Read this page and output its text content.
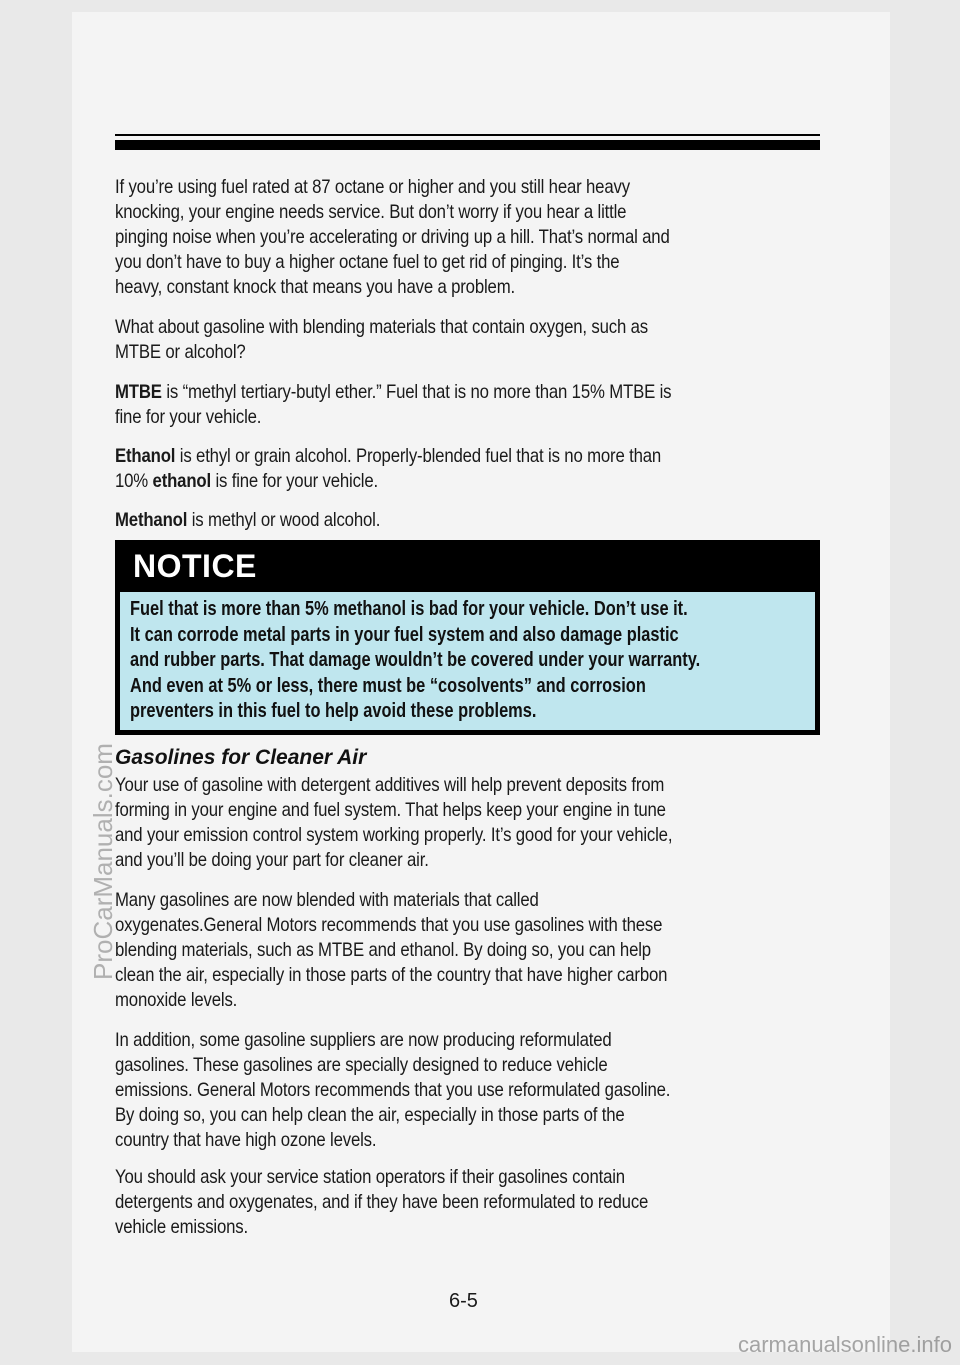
If you’re using fuel rated at 87 octane or higher and you still hear heavy

knocking, your engine needs service. But don’t worry if you hear a little

pinging noise when you’re accelerating or driving up a hill. That’s normal and

you don’t have to buy a higher octane fuel to get rid of pinging. It’s the

heavy, constant knock that means you have a problem.

What about gasoline with blending materials that contain oxygen, such as

MTBE or alcohol?

MTBE is “methyl tertiary-butyl ether.” Fuel that is no more than 15% MTBE is

fine for your vehicle.

Ethanol is ethyl or grain alcohol. Properly-blended fuel that is no more than

10% ethanol is fine for your vehicle.

Methanol is methyl or wood alcohol.

NOTICE

Fuel that is more than 5% methanol is bad for your vehicle. Don’t use it.

It can corrode metal parts in your fuel system and also damage plastic

and rubber parts. That damage wouldn’t be covered under your warranty.

And even at 5% or less, there must be “cosolvents” and corrosion

preventers in this fuel to help avoid these problems.

Gasolines for Cleaner Air

Your use of gasoline with detergent additives will help prevent deposits from

forming in your engine and fuel system. That helps keep your engine in tune

and your emission control system working properly. It’s good for your vehicle,

and you’ll be doing your part for cleaner air.

Many gasolines are now blended with materials that called

oxygenates.General Motors recommends that you use gasolines with these

blending materials, such as MTBE and ethanol. By doing so, you can help

clean the air, especially in those parts of the country that have higher carbon

monoxide levels.

In addition, some gasoline suppliers are now producing reformulated

gasolines. These gasolines are specially designed to reduce vehicle

emissions. General Motors recommends that you use reformulated gasoline.

By doing so, you can help clean the air, especially in those parts of the

country that have high ozone levels.

You should ask your service station operators if their gasolines contain

detergents and oxygenates, and if they have been reformulated to reduce

vehicle emissions.

6-5
ProCarManuals.com
carmanualsonline.info
